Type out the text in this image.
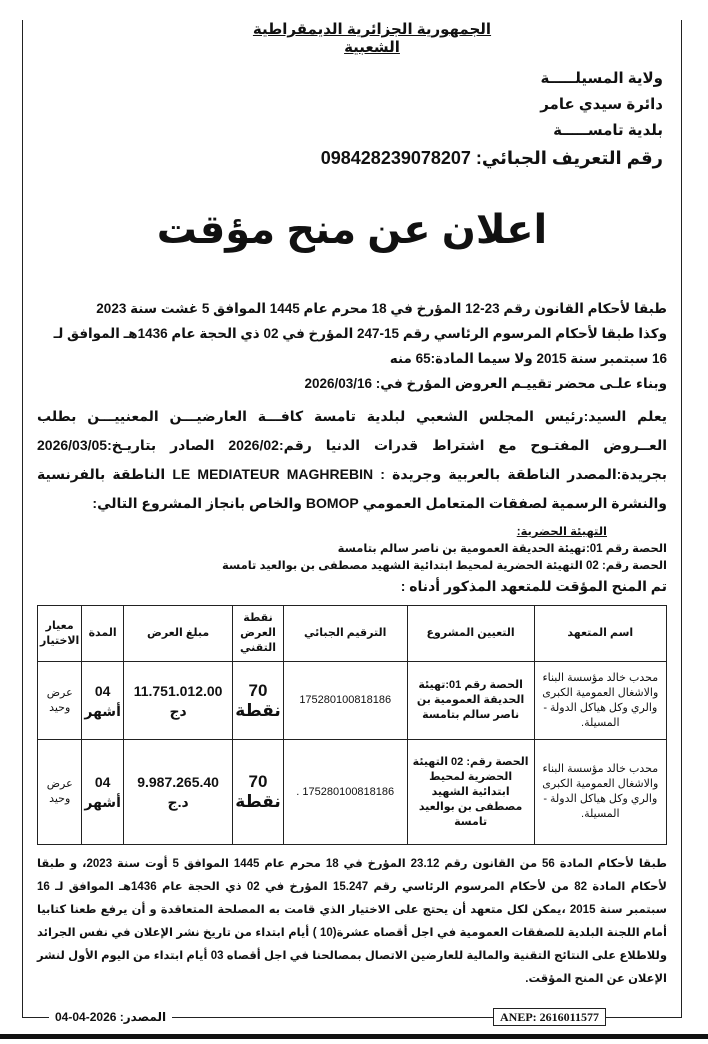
الجمهورية الجزائرية الديمقراطية الشعبية
ولاية المسيلـــــة
دائرة سيدي عامر
بلدية تامســـــة
رقم التعريف الجبائي: 098428239078207
اعلان عن منح مؤقت
طبقا لأحكام القانون رقم 23-12 المؤرخ في 18 محرم عام 1445 الموافق 5 غشت سنة 2023
وكذا طبقا لأحكام المرسوم الرئاسي رقم 15-247 المؤرخ في 02 ذي الحجة عام 1436هـ الموافق لـ 16 سبتمبر سنة 2015 ولا سيما المادة:65 منه
وبناء علـى محضر تقييـم العروض المؤرخ في: 2026/03/16
يعلم السيد:رئيس المجلس الشعبي لبلدية تامسة كافـــة العارضيـــن المعنييـــن بطلب العــروض المفتـوح مع اشتراط قدرات الدنيا رقم:2026/02 الصادر بتاريـخ:2026/03/05 بجريدة:المصدر الناطقة بالعربية وجريدة : LE MEDIATEUR MAGHREBIN الناطقة بالفرنسية والنشرة الرسمية لصفقات المتعامل العمومي BOMOP والخاص بانجاز المشروع التالي:
التهيئة الحضرية:
الحصة رقم 01:تهيئة الحديقة العمومية بن ناصر سالم بتامسة
الحصة رقم: 02 التهيئة الحضرية لمحيط ابتدائية الشهيد مصطفى بن بوالعيد تامسة
تم المنح المؤقت للمتعهد المذكور أدناه :
اسم المتعهد	التعيين المشروع	الترقيم الجبائي	نقطة العرض التقني	مبلغ العرض	المدة	معيار الاختيار
محدب خالد مؤسسة البناء والاشغال العمومية الكبرى والري وكل هياكل الدولة - المسيلة.	الحصة رقم 01:تهيئة الحديقة العمومية بن ناصر سالم بتامسة	175280100818186	70 نقطة	11.751.012.00 دج	04 أشهر	عرض وحيد
محدب خالد مؤسسة البناء والاشغال العمومية الكبرى والري وكل هياكل الدولة - المسيلة.	الحصة رقم: 02 التهيئة الحضرية لمحيط ابتدائية الشهيد مصطفى بن بوالعيد تامسة	175280100818186 .	70 نقطة	9.987.265.40 د.ج	04 أشهر	عرض وحيد
طبقا لأحكام المادة 56 من القانون رقم 23.12 المؤرخ في 18 محرم عام 1445 الموافق 5 أوت سنة 2023، و طبقا لأحكام المادة 82 من لأحكام المرسوم الرئاسي رقم 15.247 المؤرخ في 02 ذي الحجة عام 1436هـ الموافق لـ 16 سبتمبر سنة 2015 ،يمكن لكل متعهد أن يحتج على الاختيار الذي قامت به المصلحة المتعاقدة و أن يرفع طعنا كتابيا أمام اللجنة البلدية للصفقات العمومية في اجل أقصاه عشرة(10 ) أيام ابتداء من تاريخ نشر الإعلان في نفس الجرائد وللاطلاع على النتائج التقنية والمالية للعارضين الاتصال بمصالحنا في اجل أقصاه 03 أيام ابتداء من اليوم الأول لنشر الإعلان عن المنح المؤقت.
المصدر: 2026-04-04	ANEP: 2616011577
